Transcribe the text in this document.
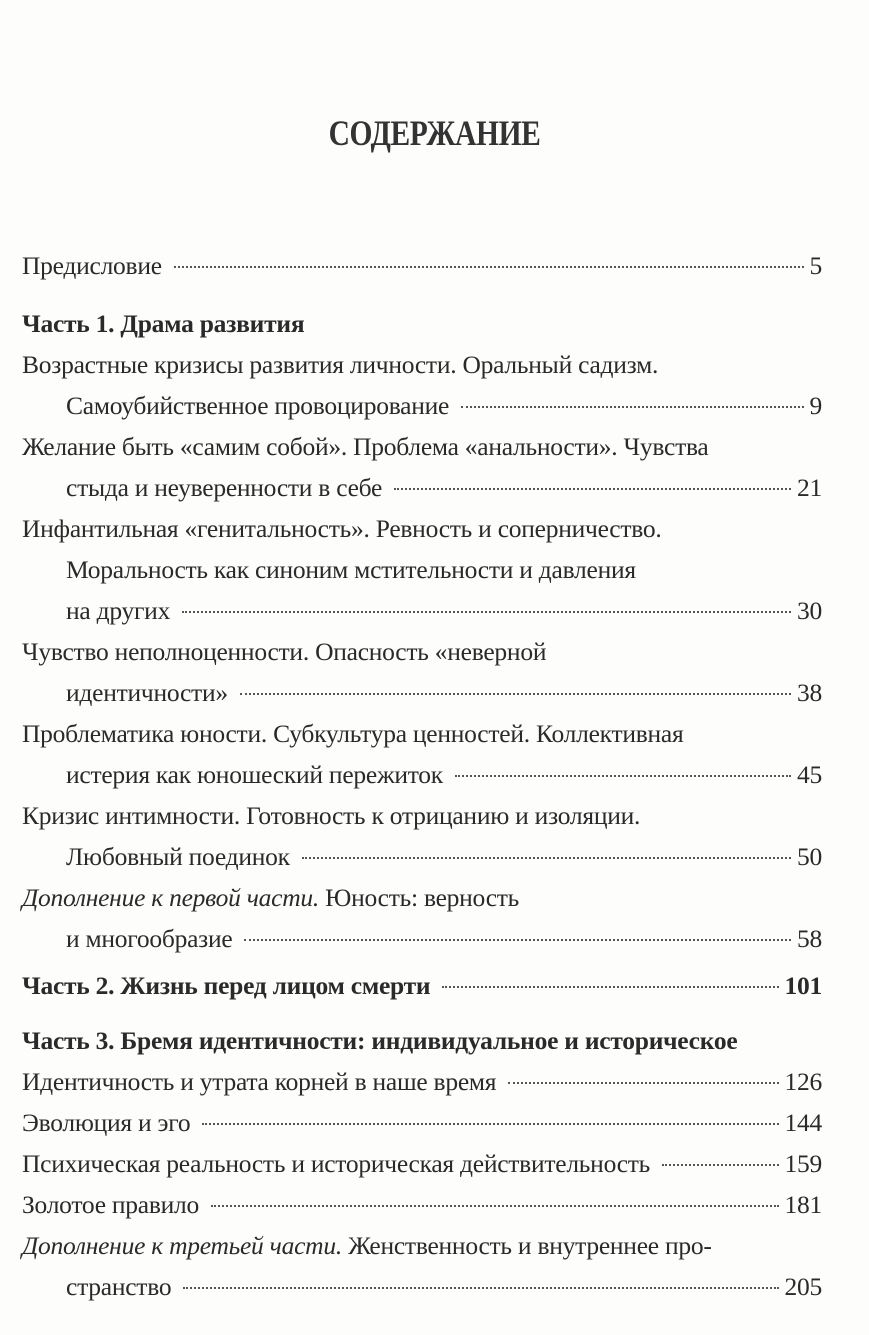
СОДЕРЖАНИЕ
Предисловие	5
Часть 1. Драма развития
Возрастные кризисы развития личности. Оральный садизм.
Самоубийственное провоцирование	9
Желание быть «самим собой». Проблема «анальности». Чувства
стыда и неуверенности в себе	21
Инфантильная «генитальность». Ревность и соперничество.
Моральность как синоним мстительности и давления
на других	30
Чувство неполноценности. Опасность «неверной
идентичности»	38
Проблематика юности. Субкультура ценностей. Коллективная
истерия как юношеский пережиток	45
Кризис интимности. Готовность к отрицанию и изоляции.
Любовный поединок	50
Дополнение к первой части. Юность: верность
и многообразие	58
Часть 2. Жизнь перед лицом смерти	101
Часть 3. Бремя идентичности: индивидуальное и историческое
Идентичность и утрата корней в наше время	126
Эволюция и эго	144
Психическая реальность и историческая действительность	159
Золотое правило	181
Дополнение к третьей части. Женственность и внутреннее про-
странство	205
